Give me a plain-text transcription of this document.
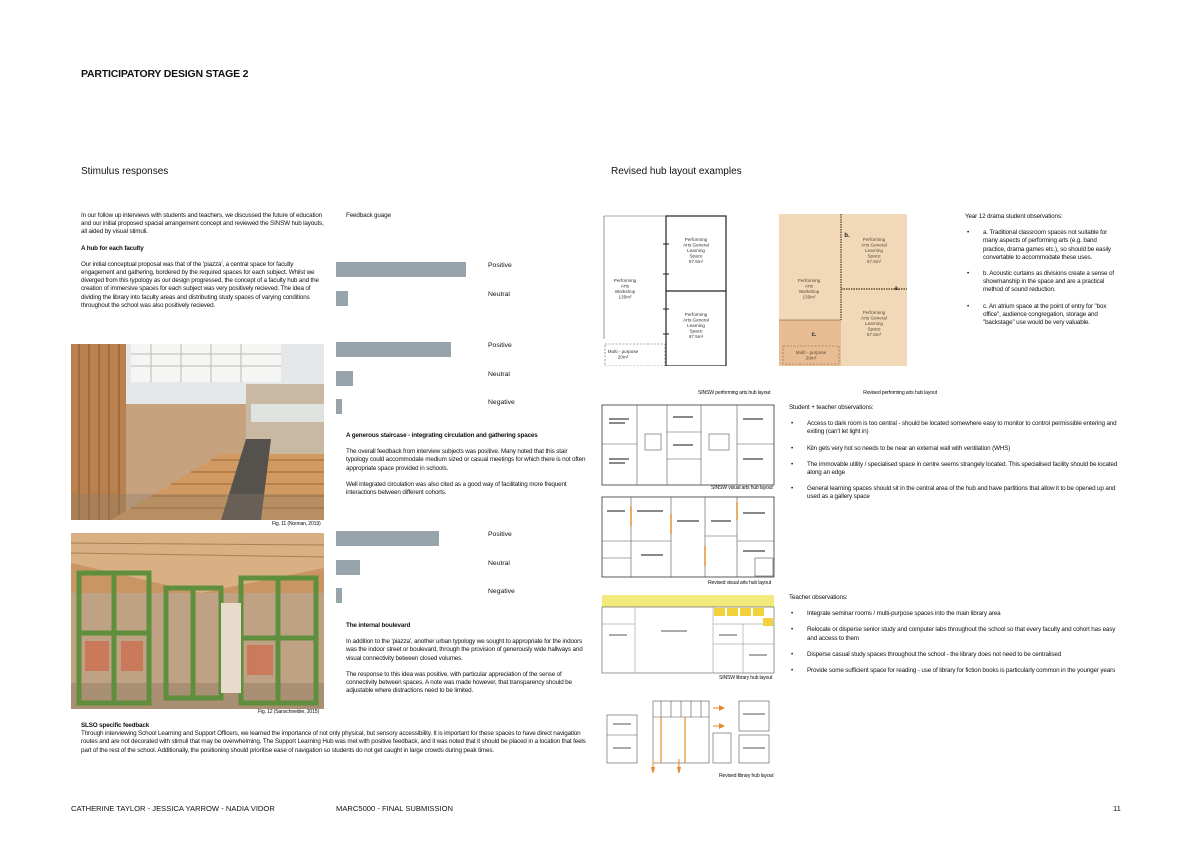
PARTICIPATORY DESIGN STAGE 2
Stimulus responses	Revised hub layout examples

In our follow up interviews with students and teachers, we discussed the future of education and our initial proposed spacial arrangement concept and reviewed the SINSW hub layouts, all aided by visual stimuli.

A hub for each faculty

Our initial conceptual proposal was that of the 'piazza', a central space for faculty engagement and gathering, bordered by the required spaces for each subject. Whilst we diverged from this typology as our design progressed, the concept of a faculty hub and the creation of immersive spaces for each subject was very positively recieved. The idea of dividing the library into faculty areas and distributing study spaces of varying conditions throughout the school was also positively recieved.

Fig. 11 (Noonan, 2019)
Fig. 12 (Sanschneider, 2015)
Feedback guage
Positive
Neutral
Positive
Neutral
Negative
Positive
Neutral
Negative

A generous staircase - integrating circulation and gathering spaces

The overall feedback from interview subjects was positive. Many noted that this stair typology could accommodate medium sized or casual meetings for which there is not often appropriate space provided in schools.

Well integrated circulation was also cited as a good way of facilitating more frequent interactions between different cohorts.

The internal boulevard

In addition to the 'piazza', another urban typology we sought to appropriate for the indoors was the indoor street or boulevard, through the provision of generously wide hallways and visual connectivity between closed volumes.

The response to this idea was positive, with particular appreciation of the sense of connectivity between spaces. A note was made however, that transparency should be adjustable where distractions need to be limited.

SLSO specific feedback
Through interviewing School Learning and Support Officers, we learned the importance of not only physical, but sensory accessibility. It is important for these spaces to have direct navigation routes and are not decorated with stimuli that may be overwhelming. The Support Learning Hub was met with positive feedback, and it was noted that it should be placed in a location that feels part of the rest of the school. Additionally, the positioning should prioritise ease of navigation so students do not get caught in large crowds during peak times.
Performing Arts General Learning Space 67.5m²
Performing Arts General Learning Space 67.5m²
Performing Arts Workshop 135m²
Multi - purpose 20m²
SINSW performing arts hub layout
Performing Arts General Learning Space 67.5m²
Performing Arts General Learning Space 67.5m²
Performing Arts Workshop 135m²
Multi - purpose 20m²
a.
b.
c.
Revised performing arts hub layout
SINSW visual arts hub layout
Revised visual arts hub layout
SINSW library hub layout
Revised library hub layout
Year 12 drama student observations:
• a. Traditional classroom spaces not suitable for many aspects of performing arts (e.g. band practice, drama games etc.), so should be easily convertable to accommodate these uses.
• b. Acoustic curtains as divisions create a sense of showmanship in the space and are a practical method of sound reduction.
• c. An atrium space at the point of entry for "box office", audience congregation, storage and "backstage" use would be very valuable.
Student + teacher observations:
• Access to dark room is too central - should be located somewhere easy to monitor to control permissible entering and exiting (can't let light in)
• Kiln gets very hot so needs to be near an external wall with ventilation (WHS)
• The immovable utility / specialised space in centre seems strangely located. This specialised facility should be located along an edge
• General learning spaces should sit in the central area of the hub and have partitions that allow it to be opened up and used as a gallery space
Teacher observations:
• Integrate seminar rooms / multi-purpose spaces into the main library area
• Relocate or disperse senior study and computer labs throughout the school so that every faculty and cohort has easy and access to them
• Disperse casual study spaces throughout the school - the library does not need to be centralised
• Provide some sufficient space for reading - use of library for fiction books is particularly common in the younger years
CATHERINE TAYLOR - JESSICA YARROW - NADIA VIDOR	MARC5000 - FINAL SUBMISSION	11
